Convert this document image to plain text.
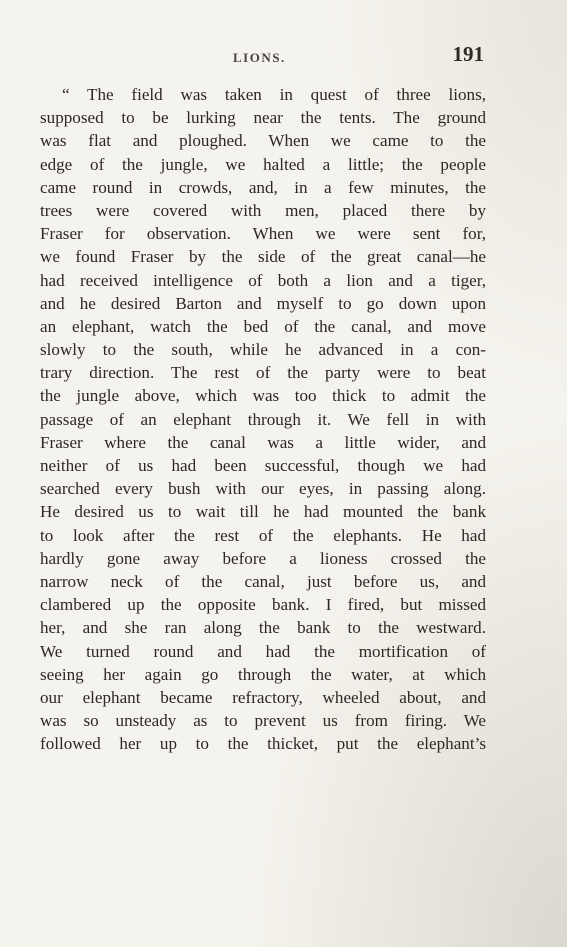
LIONS.	191
“ The field was taken in quest of three lions,
supposed to be lurking near the tents. The ground
was flat and ploughed. When we came to the
edge of the jungle, we halted a little; the people
came round in crowds, and, in a few minutes, the
trees were covered with men, placed there by
Fraser for observation. When we were sent for,
we found Fraser by the side of the great canal—he
had received intelligence of both a lion and a tiger,
and he desired Barton and myself to go down upon
an elephant, watch the bed of the canal, and move
slowly to the south, while he advanced in a con-
trary direction. The rest of the party were to beat
the jungle above, which was too thick to admit the
passage of an elephant through it. We fell in with
Fraser where the canal was a little wider, and
neither of us had been successful, though we had
searched every bush with our eyes, in passing along.
He desired us to wait till he had mounted the bank
to look after the rest of the elephants. He had
hardly gone away before a lioness crossed the
narrow neck of the canal, just before us, and
clambered up the opposite bank. I fired, but missed
her, and she ran along the bank to the westward.
We turned round and had the mortification of
seeing her again go through the water, at which
our elephant became refractory, wheeled about, and
was so unsteady as to prevent us from firing. We
followed her up to the thicket, put the elephant’s
